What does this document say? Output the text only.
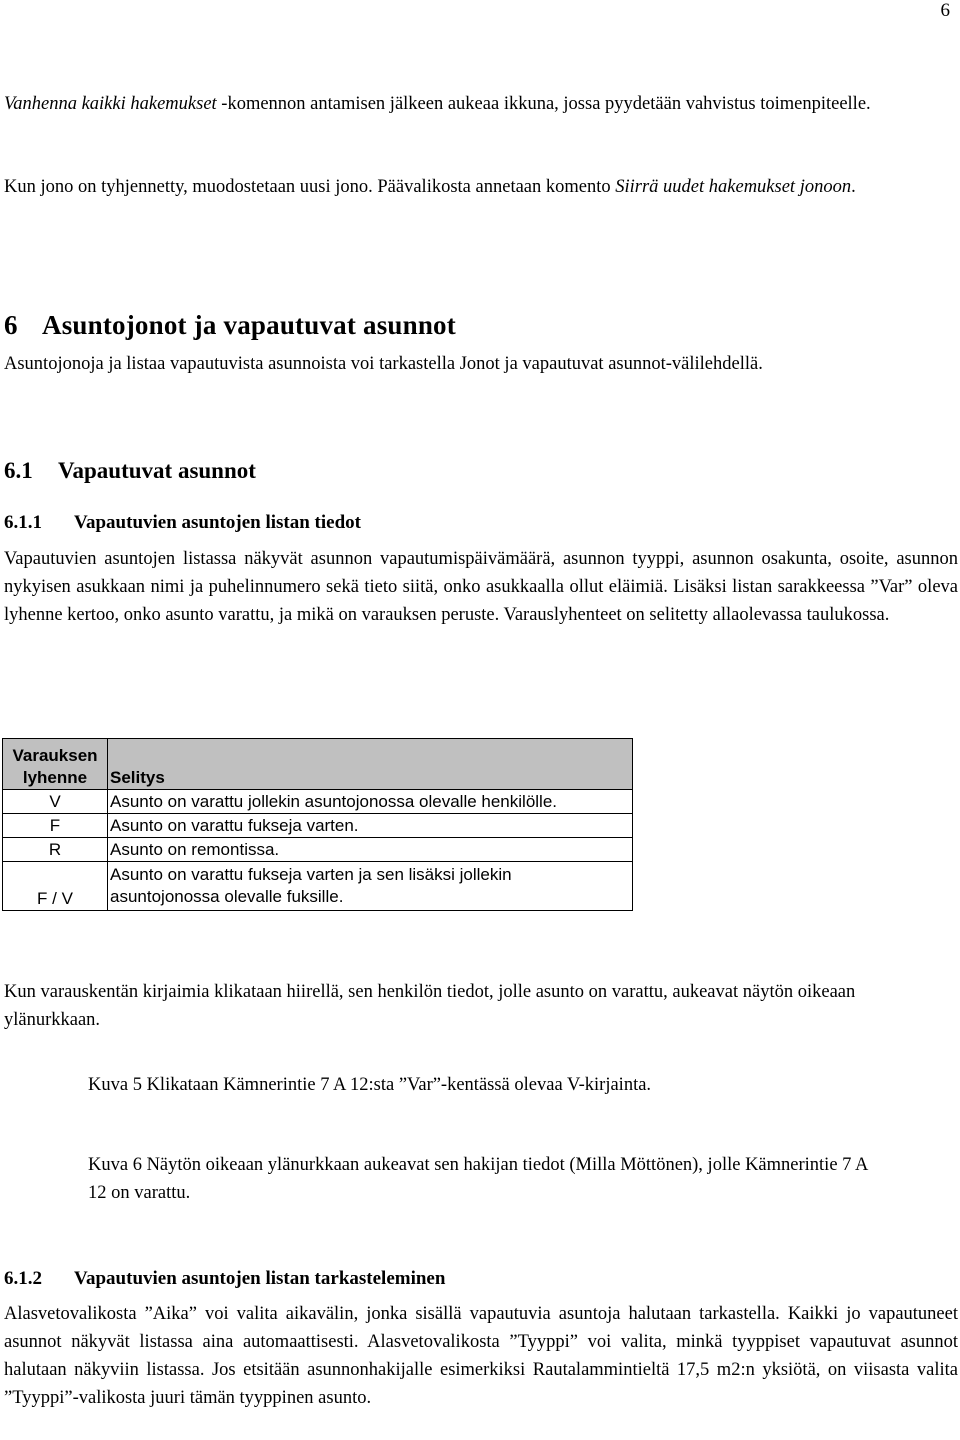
6

Vanhenna kaikki hakemukset -komennon antamisen jälkeen aukeaa ikkuna, jossa pyydetään vahvistus toimenpiteelle.

Kun jono on tyhjennetty, muodostetaan uusi jono. Päävalikosta annetaan komento Siirrä uudet hakemukset jonoon.

6 Asuntojonot ja vapautuvat asunnot

Asuntojonoja ja listaa vapautuvista asunnoista voi tarkastella Jonot ja vapautuvat asunnot-välilehdellä.

6.1 Vapautuvat asunnot
6.1.1 Vapautuvien asuntojen listan tiedot

Vapautuvien asuntojen listassa näkyvät asunnon vapautumispäivämäärä, asunnon tyyppi, asunnon osakunta, osoite, asunnon nykyisen asukkaan nimi ja puhelinnumero sekä tieto siitä, onko asukkaalla ollut eläimiä. Lisäksi listan sarakkeessa ”Var” oleva lyhenne kertoo, onko asunto varattu, ja mikä on varauksen peruste. Varauslyhenteet on selitetty allaolevassa taulukossa.

Varauksen
lyhenne	Selitys
V	Asunto on varattu jollekin asuntojonossa olevalle henkilölle.
F	Asunto on varattu fukseja varten.
R	Asunto on remontissa.
F / V	Asunto on varattu fukseja varten ja sen lisäksi jollekin
asuntojonossa olevalle fuksille.

Kun varauskentän kirjaimia klikataan hiirellä, sen henkilön tiedot, jolle asunto on varattu, aukeavat näytön oikeaan ylänurkkaan.

Kuva 5 Klikataan Kämnerintie 7 A 12:sta ”Var”-kentässä olevaa V-kirjainta.

Kuva 6 Näytön oikeaan ylänurkkaan aukeavat sen hakijan tiedot (Milla Möttönen), jolle Kämnerintie 7 A 12 on varattu.

6.1.2 Vapautuvien asuntojen listan tarkasteleminen

Alasvetovalikosta ”Aika” voi valita aikavälin, jonka sisällä vapautuvia asuntoja halutaan tarkastella. Kaikki jo vapautuneet asunnot näkyvät listassa aina automaattisesti. Alasvetovalikosta ”Tyyppi” voi valita, minkä tyyppiset vapautuvat asunnot halutaan näkyviin listassa. Jos etsitään asunnonhakijalle esimerkiksi Rautalammintieltä 17,5 m2:n yksiötä, on viisasta valita ”Tyyppi”-valikosta juuri tämän tyyppinen asunto.
